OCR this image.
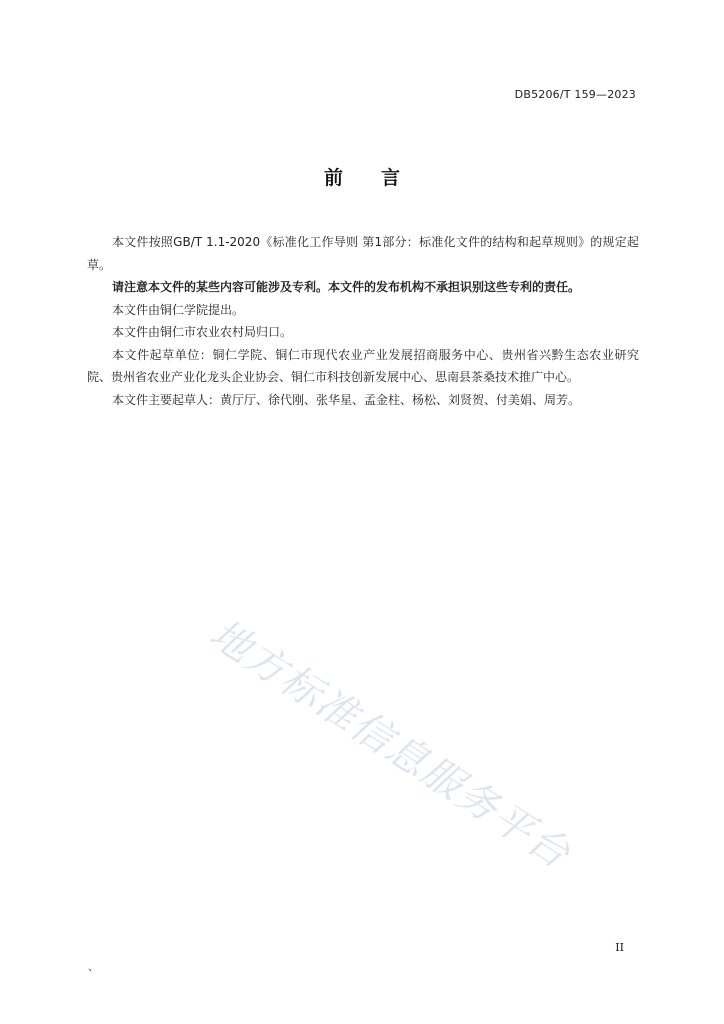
DB5206/T 159—2023
前言

本文件按照GB/T 1.1-2020《标准化工作导则 第1部分：标准化文件的结构和起草规则》的规定起草。

请注意本文件的某些内容可能涉及专利。本文件的发布机构不承担识别这些专利的责任。

本文件由铜仁学院提出。

本文件由铜仁市农业农村局归口。

本文件起草单位：铜仁学院、铜仁市现代农业产业发展招商服务中心、贵州省兴黔生态农业研究院、贵州省农业产业化龙头企业协会、铜仁市科技创新发展中心、思南县茶桑技术推广中心。

本文件主要起草人：黄厅厅、徐代刚、张华星、孟金柱、杨松、刘贤贺、付美娟、周芳。

地方标准信息服务平台
II
、
